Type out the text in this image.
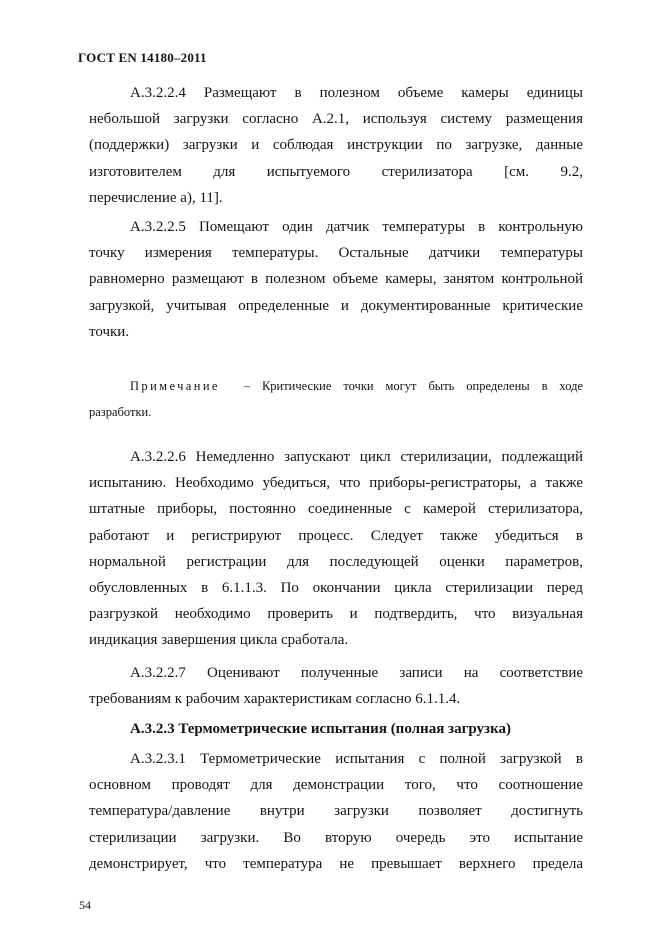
ГОСТ EN 14180–2011
А.3.2.2.4 Размещают в полезном объеме камеры единицы
небольшой загрузки согласно А.2.1, используя систему размещения
(поддержки) загрузки и соблюдая инструкции по загрузке, данные
изготовителем для испытуемого стерилизатора [см. 9.2,
перечисление а), 11].
А.3.2.2.5 Помещают один датчик температуры в контрольную
точку измерения температуры. Остальные датчики температуры
равномерно размещают в полезном объеме камеры, занятом контрольной
загрузкой, учитывая определенные и документированные критические
точки.
Примечание – Критические точки могут быть определены в ходе
разработки.
А.3.2.2.6 Немедленно запускают цикл стерилизации, подлежащий
испытанию. Необходимо убедиться, что приборы-регистраторы, а также
штатные приборы, постоянно соединенные с камерой стерилизатора,
работают и регистрируют процесс. Следует также убедиться в
нормальной регистрации для последующей оценки параметров,
обусловленных в 6.1.1.3. По окончании цикла стерилизации перед
разгрузкой необходимо проверить и подтвердить, что визуальная
индикация завершения цикла сработала.
А.3.2.2.7 Оценивают полученные записи на соответствие
требованиям к рабочим характеристикам согласно 6.1.1.4.
А.3.2.3 Термометрические испытания (полная загрузка)
А.3.2.3.1 Термометрические испытания с полной загрузкой в
основном проводят для демонстрации того, что соотношение
температура/давление внутри загрузки позволяет достигнуть
стерилизации загрузки. Во вторую очередь это испытание
демонстрирует, что температура не превышает верхнего предела
54
